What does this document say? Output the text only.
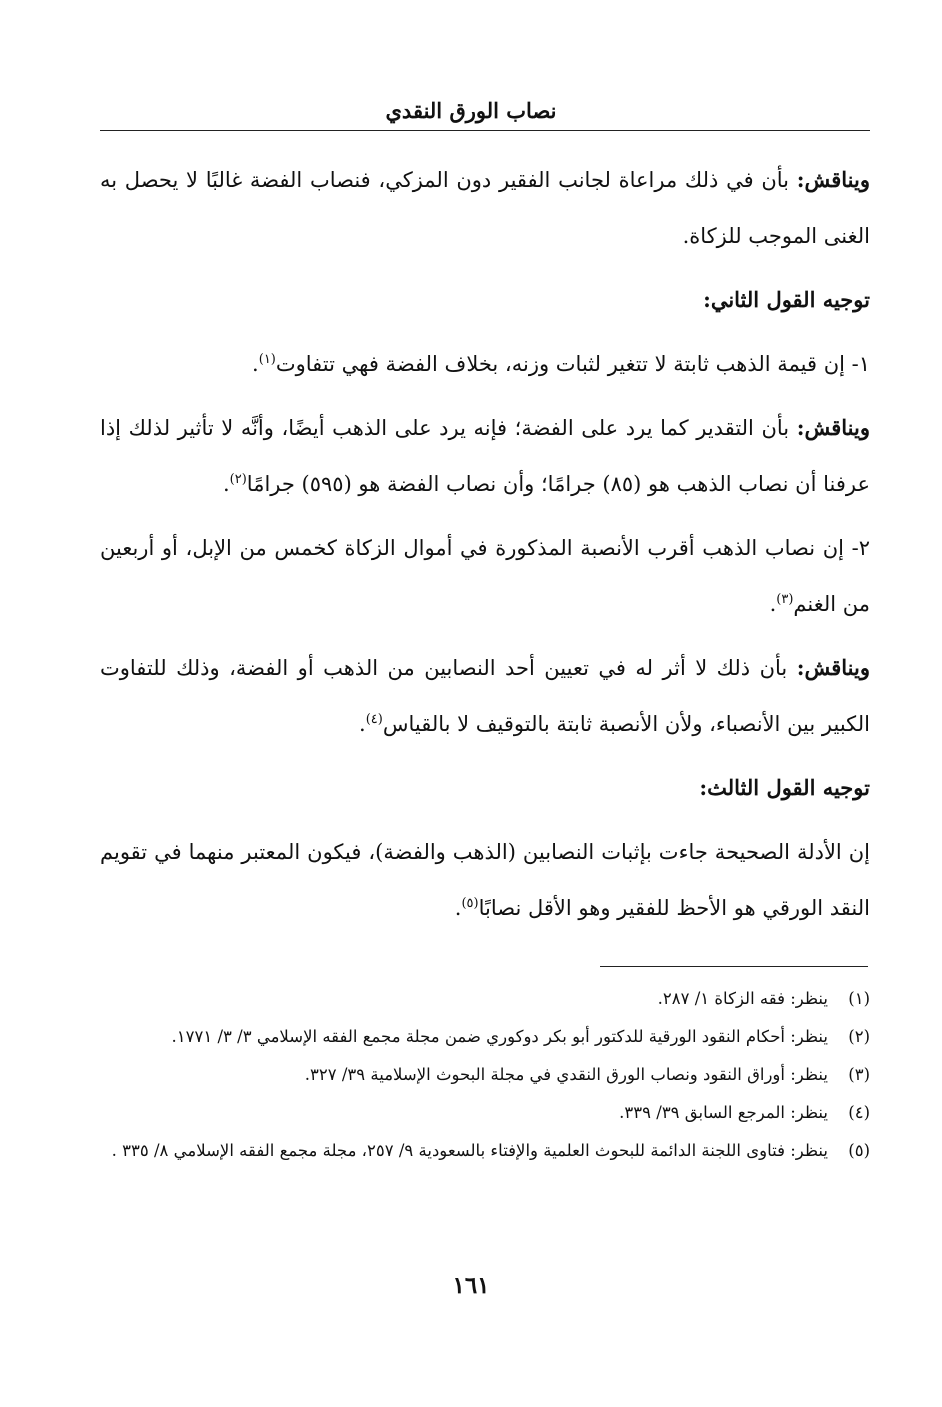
نصاب الورق النقدي

ويناقش: بأن في ذلك مراعاة لجانب الفقير دون المزكي، فنصاب الفضة غالبًا لا يحصل به الغنى الموجب للزكاة.

توجيه القول الثاني:

١- إن قيمة الذهب ثابتة لا تتغير لثبات وزنه، بخلاف الفضة فهي تتفاوت$^{(١)}$.

ويناقش: بأن التقدير كما يرد على الفضة؛ فإنه يرد على الذهب أيضًا، وأنَّه لا تأثير لذلك إذا عرفنا أن نصاب الذهب هو (٨٥) جرامًا؛ وأن نصاب الفضة هو (٥٩٥) جرامًا$^{(٢)}$.

٢- إن نصاب الذهب أقرب الأنصبة المذكورة في أموال الزكاة كخمس من الإبل، أو أربعين من الغنم$^{(٣)}$.

ويناقش: بأن ذلك لا أثر له في تعيين أحد النصابين من الذهب أو الفضة، وذلك للتفاوت الكبير بين الأنصباء، ولأن الأنصبة ثابتة بالتوقيف لا بالقياس$^{(٤)}$.

توجيه القول الثالث:

إن الأدلة الصحيحة جاءت بإثبات النصابين (الذهب والفضة)، فيكون المعتبر منهما في تقويم النقد الورقي هو الأحظ للفقير وهو الأقل نصابًا$^{(٥)}$.

(١)ينظر: فقه الزكاة ١/ ٢٨٧.

(٢)ينظر: أحكام النقود الورقية للدكتور أبو بكر دوكوري ضمن مجلة مجمع الفقه الإسلامي ٣/ ٣/ ١٧٧١.

(٣)ينظر: أوراق النقود ونصاب الورق النقدي في مجلة البحوث الإسلامية ٣٩/ ٣٢٧.

(٤)ينظر: المرجع السابق ٣٩/ ٣٣٩.

(٥)ينظر: فتاوى اللجنة الدائمة للبحوث العلمية والإفتاء بالسعودية ٩/ ٢٥٧، مجلة مجمع الفقه الإسلامي ٨/ ٣٣٥ .

١٦١
